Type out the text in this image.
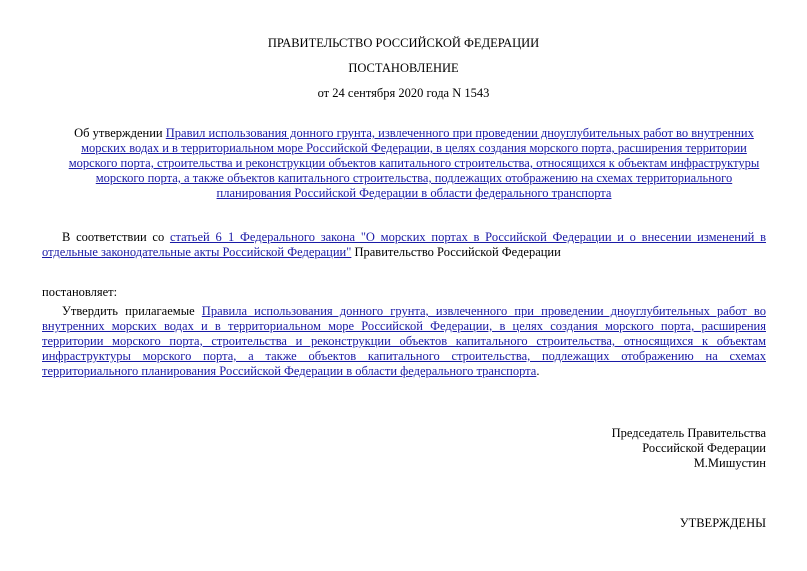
ПРАВИТЕЛЬСТВО РОССИЙСКОЙ ФЕДЕРАЦИИ
ПОСТАНОВЛЕНИЕ
от 24 сентября 2020 года N 1543
Об утверждении Правил использования донного грунта, извлеченного при проведении дноуглубительных работ во внутренних морских водах и в территориальном море Российской Федерации, в целях создания морского порта, расширения территории морского порта, строительства и реконструкции объектов капитального строительства, относящихся к объектам инфраструктуры морского порта, а также объектов капитального строительства, подлежащих отображению на схемах территориального планирования Российской Федерации в области федерального транспорта
В соответствии со статьей 6_1 Федерального закона "О морских портах в Российской Федерации и о внесении изменений в отдельные законодательные акты Российской Федерации" Правительство Российской Федерации
постановляет:
Утвердить прилагаемые Правила использования донного грунта, извлеченного при проведении дноуглубительных работ во внутренних морских водах и в территориальном море Российской Федерации, в целях создания морского порта, расширения территории морского порта, строительства и реконструкции объектов капитального строительства, относящихся к объектам инфраструктуры морского порта, а также объектов капитального строительства, подлежащих отображению на схемах территориального планирования Российской Федерации в области федерального транспорта.
Председатель Правительства
Российской Федерации
М.Мишустин
УТВЕРЖДЕНЫ
